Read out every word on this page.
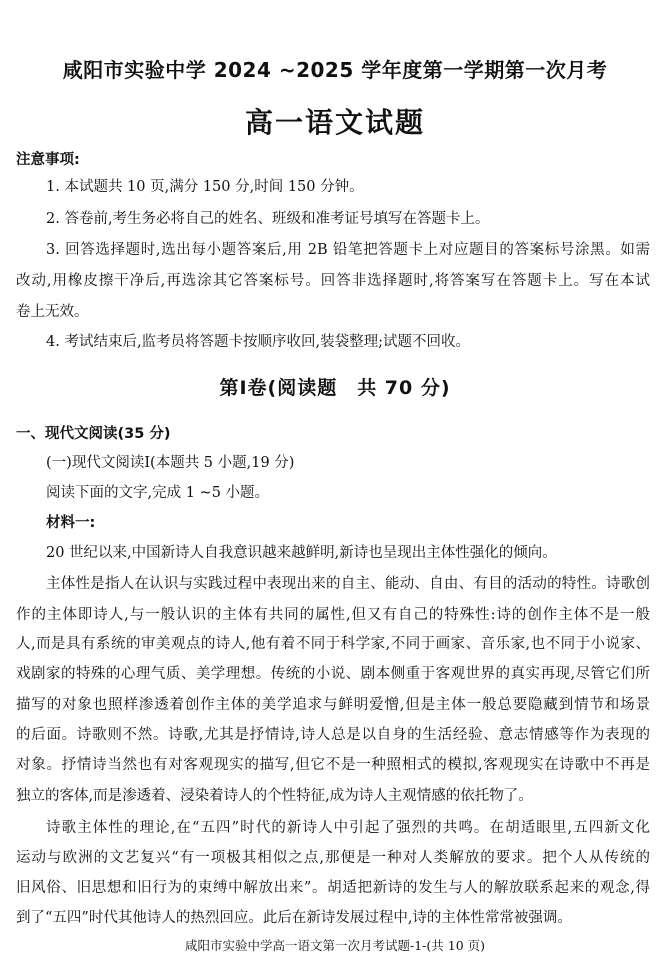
咸阳市实验中学 2024 ~2025 学年度第一学期第一次月考
高一语文试题
注意事项:
1. 本试题共 10 页,满分 150 分,时间 150 分钟。
2. 答卷前,考生务必将自己的姓名、班级和准考证号填写在答题卡上。
3. 回答选择题时,选出每小题答案后,用 2B 铅笔把答题卡上对应题目的答案标号涂黑。如需
改动,用橡皮擦干净后,再选涂其它答案标号。回答非选择题时,将答案写在答题卡上。写在本试
卷上无效。
4. 考试结束后,监考员将答题卡按顺序收回,装袋整理;试题不回收。
第Ⅰ卷(阅读题　共 70 分)
一、现代文阅读(35 分)
(一)现代文阅读Ⅰ(本题共 5 小题,19 分)
阅读下面的文字,完成 1 ~5 小题。
材料一:
20 世纪以来,中国新诗人自我意识越来越鲜明,新诗也呈现出主体性强化的倾向。
主体性是指人在认识与实践过程中表现出来的自主、能动、自由、有目的活动的特性。诗歌创
作的主体即诗人,与一般认识的主体有共同的属性,但又有自己的特殊性:诗的创作主体不是一般
人,而是具有系统的审美观点的诗人,他有着不同于科学家,不同于画家、音乐家,也不同于小说家、
戏剧家的特殊的心理气质、美学理想。传统的小说、剧本侧重于客观世界的真实再现,尽管它们所
描写的对象也照样渗透着创作主体的美学追求与鲜明爱憎,但是主体一般总要隐藏到情节和场景
的后面。诗歌则不然。诗歌,尤其是抒情诗,诗人总是以自身的生活经验、意志情感等作为表现的
对象。抒情诗当然也有对客观现实的描写,但它不是一种照相式的模拟,客观现实在诗歌中不再是
独立的客体,而是渗透着、浸染着诗人的个性特征,成为诗人主观情感的依托物了。
诗歌主体性的理论,在“五四”时代的新诗人中引起了强烈的共鸣。在胡适眼里,五四新文化
运动与欧洲的文艺复兴“有一项极其相似之点,那便是一种对人类解放的要求。把个人从传统的
旧风俗、旧思想和旧行为的束缚中解放出来”。胡适把新诗的发生与人的解放联系起来的观念,得
到了“五四”时代其他诗人的热烈回应。此后在新诗发展过程中,诗的主体性常常被强调。
咸阳市实验中学高一语文第一次月考试题-1-(共 10 页)
